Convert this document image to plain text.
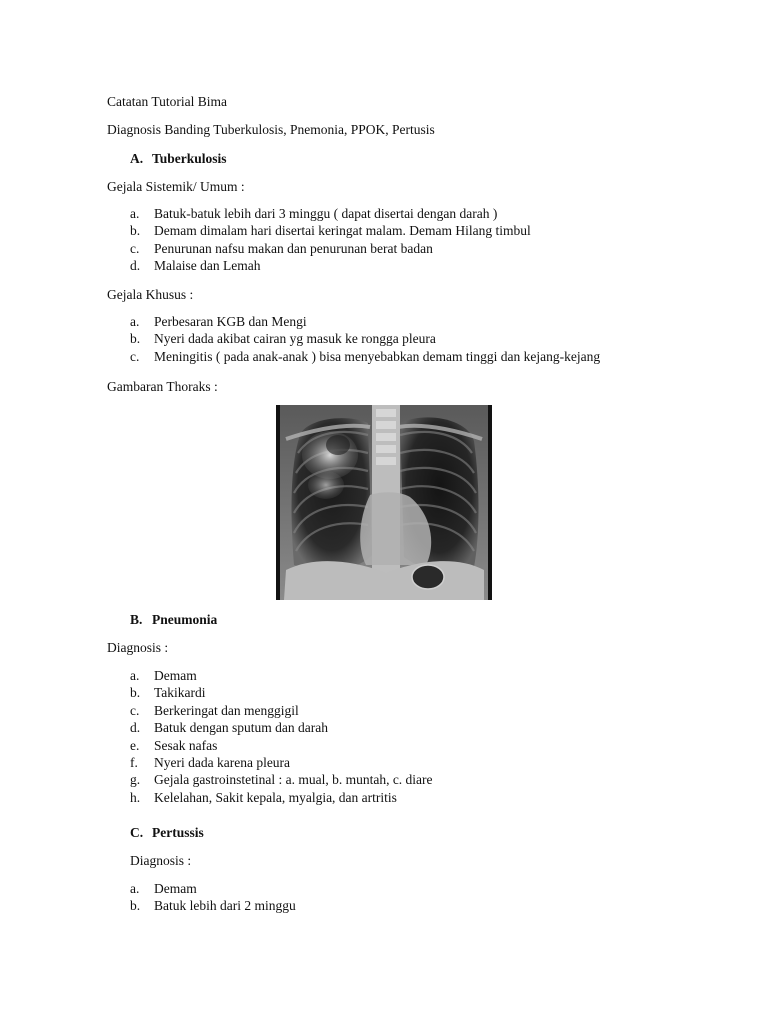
Catatan Tutorial Bima
Diagnosis Banding Tuberkulosis, Pnemonia, PPOK, Pertusis
A. Tuberkulosis
Gejala Sistemik/ Umum :
a.	Batuk-batuk lebih dari 3 minggu ( dapat disertai dengan darah )
b.	Demam dimalam hari disertai keringat malam. Demam Hilang timbul
c.	Penurunan nafsu makan dan penurunan berat badan
d.	Malaise dan Lemah
Gejala Khusus :
a.	Perbesaran KGB dan Mengi
b.	Nyeri dada akibat cairan yg masuk ke rongga pleura
c.	Meningitis ( pada anak-anak ) bisa menyebabkan demam tinggi dan kejang-kejang
Gambaran Thoraks :
B. Pneumonia
Diagnosis :
a.	Demam
b.	Takikardi
c.	Berkeringat dan menggigil
d.	Batuk dengan sputum dan darah
e.	Sesak nafas
f.	Nyeri dada karena pleura
g.	Gejala gastroinstetinal : a. mual, b. muntah, c. diare
h.	Kelelahan, Sakit kepala, myalgia, dan artritis
C. Pertussis
Diagnosis :
a.	Demam
b.	Batuk lebih dari 2 minggu
